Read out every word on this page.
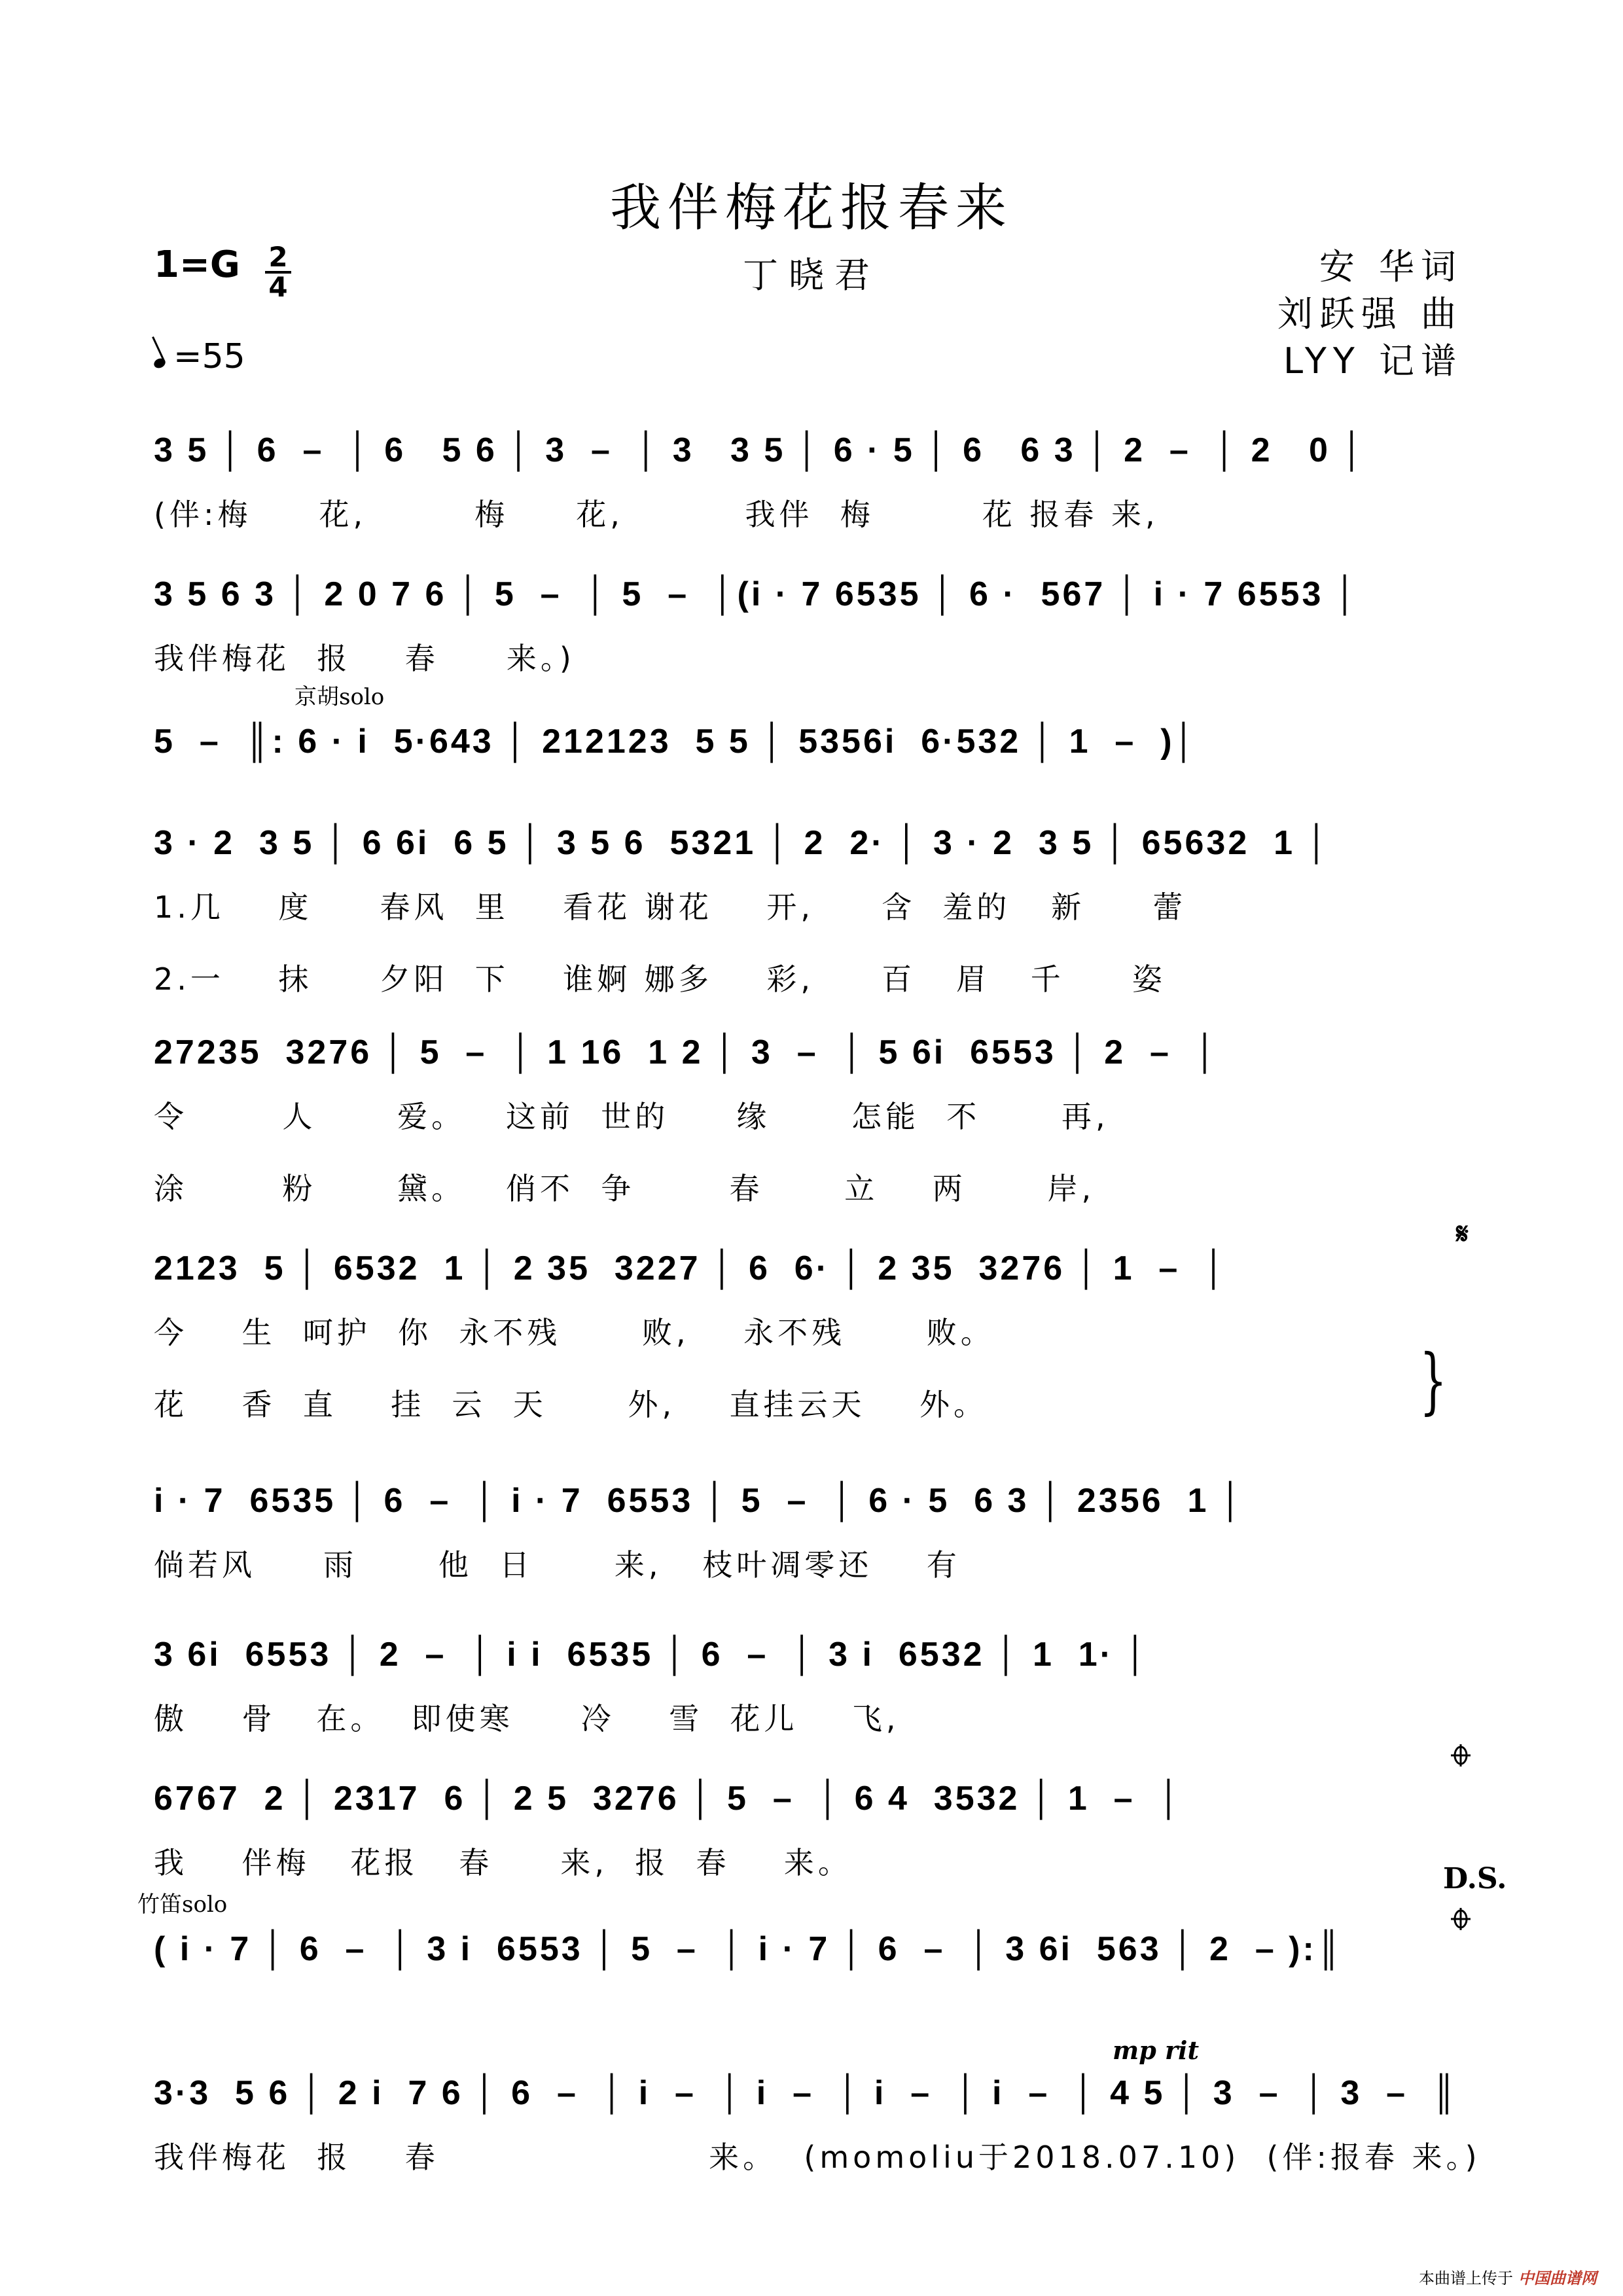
我伴梅花报春来
$1=G \frac{2}{4}$	丁晓君
=55
安 华词
刘跃强 曲
LYY 记谱
3 5 │ 6  –  │ 6   5 6 │ 3  –  │ 3   3 5 │ 6 · 5 │ 6   6 3 │ 2  –  │ 2   0 │
(伴:梅     花,        梅     花,         我伴  梅        花 报春 来,
3 5 6 3 │ 2 0 7 6 │ 5  –  │ 5  –  │(i · 7 6535 │ 6 ·  567 │ i · 7 6553 │
我伴梅花  报    春     来。)
京胡solo
5  –  ║: 6 · i  5·643 │ 212123  5 5 │ 5356i  6·532 │ 1  –  )│
3 · 2  3 5 │ 6 6i  6 5 │ 3 5 6  5321 │ 2  2· │ 3 · 2  3 5 │ 65632  1 │
1.几    度     春风  里    看花 谢花    开,     含  羞的   新     蕾
2.一    抹     夕阳  下    谁婀 娜多    彩,     百   眉   千     姿
27235  3276 │ 5  –  │ 1 16  1 2 │ 3  –  │ 5 6i  6553 │ 2  –  │
令       人      爱。   这前  世的     缘      怎能  不      再,
涂       粉      黛。   俏不  争       春      立    两      岸,
2123  5 │ 6532  1 │ 2 35  3227 │ 6  6· │ 2 35  3276 │ 1  –  │
今    生  呵护  你  永不残      败,    永不残      败。
花    香  直    挂  云  天      外,    直挂云天    外。
i · 7  6535 │ 6  –  │ i · 7  6553 │ 5  –  │ 6 · 5  6 3 │ 2356  1 │
倘若风     雨      他  日      来,   枝叶凋零还    有
3 6i  6553 │ 2  –  │ i i  6535 │ 6  –  │ 3 i  6532 │ 1  1· │
傲    骨   在。  即使寒     冷    雪  花儿    飞,
6767  2 │ 2317  6 │ 2 5  3276 │ 5  –  │ 6 4  3532 │ 1  –  │
我    伴梅   花报   春     来,  报  春    来。
竹笛solo
( i · 7 │ 6  –  │ 3 i  6553 │ 5  –  │ i · 7 │ 6  –  │ 3 6i  563 │ 2  – ):║
3·3  5 6 │ 2 i  7 6 │ 6  –  │ i  –  │ i  –  │ i  –  │ i  –  │ 4 5 │ 3  –  │ 3  –  ║
我伴梅花  报    春                    来。  (momoliu于2018.07.10)  (伴:报春 来。)
𝄋
}
D.S.
mp rit
本曲谱上传于 中国曲谱网
